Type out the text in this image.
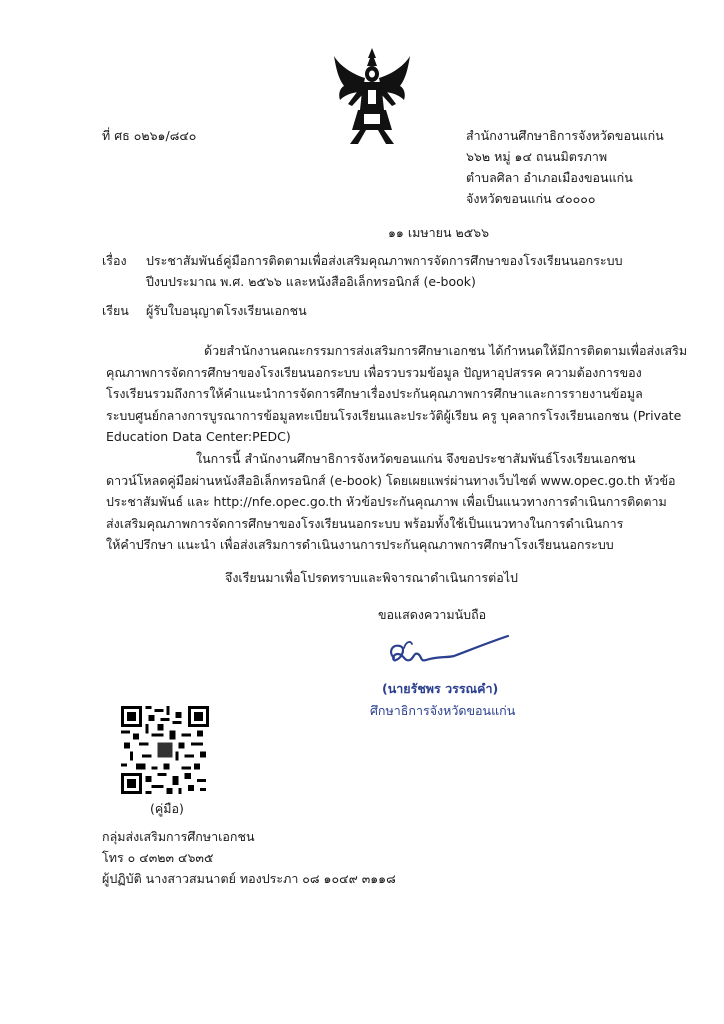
ที่ ศธ ๐๒๖๑/๘๔๐	สำนักงานศึกษาธิการจังหวัดขอนแก่น
๖๖๒ หมู่ ๑๔ ถนนมิตรภาพ
ตำบลศิลา อำเภอเมืองขอนแก่น
จังหวัดขอนแก่น ๔๐๐๐๐
๑๑ เมษายน ๒๕๖๖
เรื่อง ประชาสัมพันธ์คู่มือการติดตามเพื่อส่งเสริมคุณภาพการจัดการศึกษาของโรงเรียนนอกระบบ
ปีงบประมาณ พ.ศ. ๒๕๖๖ และหนังสืออิเล็กทรอนิกส์ (e-book)
เรียน ผู้รับใบอนุญาตโรงเรียนเอกชน
ด้วยสำนักงานคณะกรรมการส่งเสริมการศึกษาเอกชน ได้กำหนดให้มีการติดตามเพื่อส่งเสริม
คุณภาพการจัดการศึกษาของโรงเรียนนอกระบบ เพื่อรวบรวมข้อมูล ปัญหาอุปสรรค ความต้องการของ
โรงเรียนรวมถึงการให้คำแนะนำการจัดการศึกษาเรื่องประกันคุณภาพการศึกษาและการรายงานข้อมูล
ระบบศูนย์กลางการบูรณาการข้อมูลทะเบียนโรงเรียนและประวัติผู้เรียน ครู บุคลากรโรงเรียนเอกชน (Private
Education Data Center:PEDC)
ในการนี้ สำนักงานศึกษาธิการจังหวัดขอนแก่น จึงขอประชาสัมพันธ์โรงเรียนเอกชน
ดาวน์โหลดคู่มือผ่านหนังสืออิเล็กทรอนิกส์ (e-book) โดยเผยแพร่ผ่านทางเว็บไซต์ www.opec.go.th หัวข้อ
ประชาสัมพันธ์ และ http://nfe.opec.go.th หัวข้อประกันคุณภาพ เพื่อเป็นแนวทางการดำเนินการติดตาม
ส่งเสริมคุณภาพการจัดการศึกษาของโรงเรียนนอกระบบ พร้อมทั้งใช้เป็นแนวทางในการดำเนินการ
ให้คำปรึกษา แนะนำ เพื่อส่งเสริมการดำเนินงานการประกันคุณภาพการศึกษาโรงเรียนนอกระบบ
จึงเรียนมาเพื่อโปรดทราบและพิจารณาดำเนินการต่อไป
ขอแสดงความนับถือ
(นายรัชพร วรรณคำ)
ศึกษาธิการจังหวัดขอนแก่น
(คู่มือ)
กลุ่มส่งเสริมการศึกษาเอกชน
โทร ๐ ๔๓๒๓ ๔๖๓๕
ผู้ปฏิบัติ นางสาวสมนาตย์ ทองประภา ๐๘ ๑๐๔๙ ๓๑๑๘
